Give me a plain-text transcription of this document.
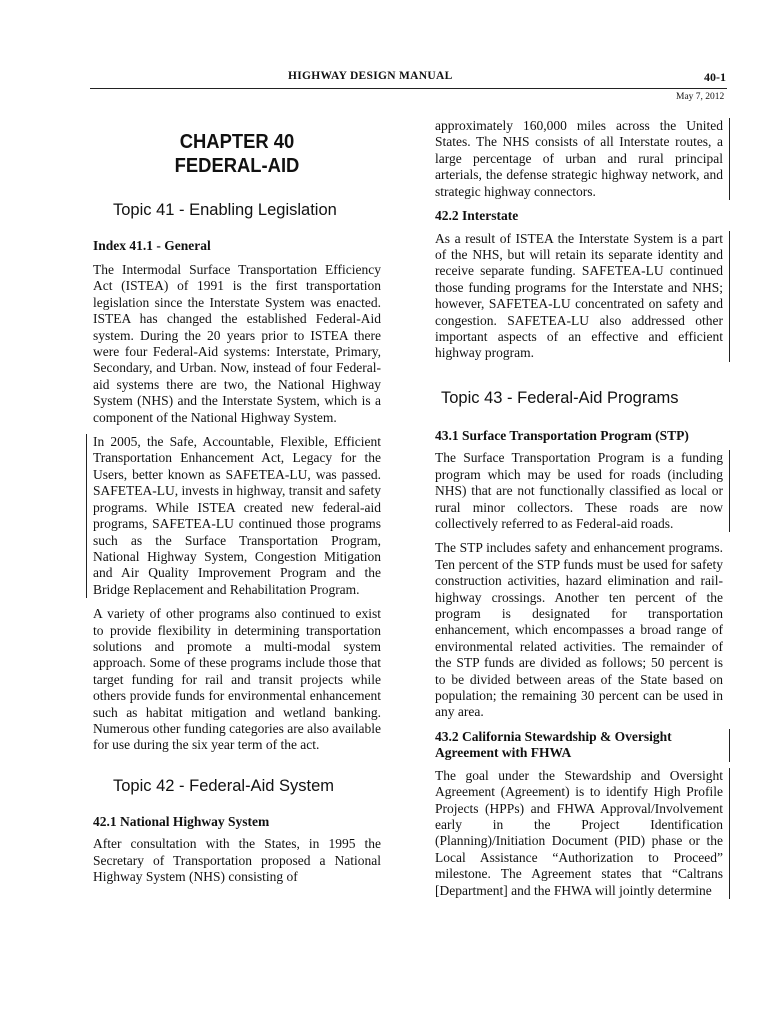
HIGHWAY DESIGN MANUAL	40-1
May 7, 2012
CHAPTER 40
FEDERAL-AID
Topic 41 - Enabling Legislation
Index 41.1 - General

The Intermodal Surface Transportation Efficiency Act (ISTEA) of 1991 is the first transportation legislation since the Interstate System was enacted. ISTEA has changed the established Federal-Aid system. During the 20 years prior to ISTEA there were four Federal-Aid systems: Interstate, Primary, Secondary, and Urban. Now, instead of four Federal-aid systems there are two, the National Highway System (NHS) and the Interstate System, which is a component of the National Highway System.

In 2005, the Safe, Accountable, Flexible, Efficient Transportation Enhancement Act, Legacy for the Users, better known as SAFETEA-LU, was passed. SAFETEA-LU, invests in highway, transit and safety programs. While ISTEA created new federal-aid programs, SAFETEA-LU continued those programs such as the Surface Transportation Program, National Highway System, Congestion Mitigation and Air Quality Improvement Program and the Bridge Replacement and Rehabilitation Program.

A variety of other programs also continued to exist to provide flexibility in determining transportation solutions and promote a multi-modal system approach. Some of these programs include those that target funding for rail and transit projects while others provide funds for environmental enhancement such as habitat mitigation and wetland banking. Numerous other funding categories are also available for use during the six year term of the act.

Topic 42 - Federal-Aid System
42.1 National Highway System

After consultation with the States, in 1995 the Secretary of Transportation proposed a National Highway System (NHS) consisting of

approximately 160,000 miles across the United States. The NHS consists of all Interstate routes, a large percentage of urban and rural principal arterials, the defense strategic highway network, and strategic highway connectors.

42.2 Interstate

As a result of ISTEA the Interstate System is a part of the NHS, but will retain its separate identity and receive separate funding. SAFETEA-LU continued those funding programs for the Interstate and NHS; however, SAFETEA-LU concentrated on safety and congestion. SAFETEA-LU also addressed other important aspects of an effective and efficient highway program.

Topic 43 - Federal-Aid Programs
43.1 Surface Transportation Program (STP)

The Surface Transportation Program is a funding program which may be used for roads (including NHS) that are not functionally classified as local or rural minor collectors. These roads are now collectively referred to as Federal-aid roads.

The STP includes safety and enhancement programs. Ten percent of the STP funds must be used for safety construction activities, hazard elimination and rail-highway crossings. Another ten percent of the program is designated for transportation enhancement, which encompasses a broad range of environmental related activities. The remainder of the STP funds are divided as follows; 50 percent is to be divided between areas of the State based on population; the remaining 30 percent can be used in any area.

43.2 California Stewardship & Oversight Agreement with FHWA

The goal under the Stewardship and Oversight Agreement (Agreement) is to identify High Profile Projects (HPPs) and FHWA Approval/Involvement early in the Project Identification (Planning)/Initiation Document (PID) phase or the Local Assistance “Authorization to Proceed” milestone. The Agreement states that “Caltrans [Department] and the FHWA will jointly determine
